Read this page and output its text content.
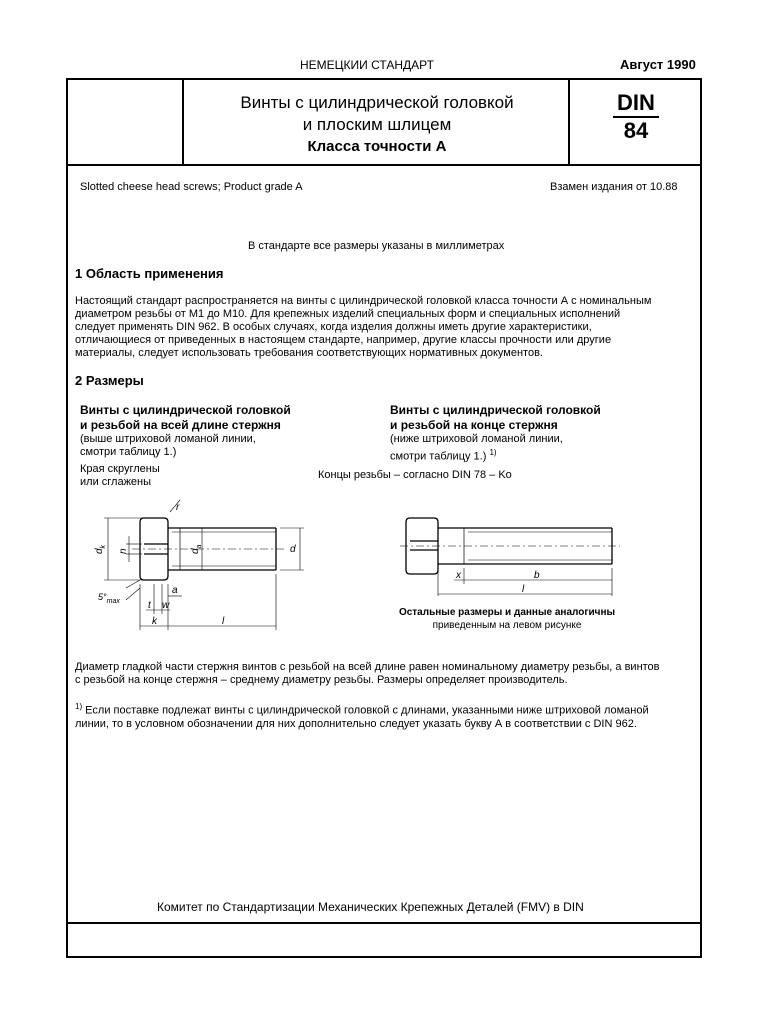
НЕМЕЦКИИ СТАНДАРТ	Август 1990
Винты с цилиндрической головкой
и плоским шлицем
Класса точности А
DIN
84
Slotted cheese head screws; Product grade A	Взамен издания от 10.88
В стандарте все размеры указаны в миллиметрах
1 Область применения
Настоящий стандарт распространяется на винты с цилиндрической головкой класса точности А с номинальным
диаметром резьбы от М1 до М10. Для крепежных изделий специальных форм и специальных исполнений
следует применять DIN 962. В особых случаях, когда изделия должны иметь другие характеристики,
отличающиеся от приведенных в настоящем стандарте, например, другие классы прочности или другие
материалы, следует использовать требования соответствующих нормативных документов.
2 Размеры
Винты с цилиндрической головкой
и резьбой на всей длине стержня
(выше штриховой ломаной линии,
смотри таблицу 1.)
Края скруглены
или сглажены
Винты с цилиндрической головкой
и резьбой на конце стержня
(ниже штриховой ломаной линии,
смотри таблицу 1.) $^{1)}$
Концы резьбы – согласно DIN 78 – Ko
$d_k$
n	$d_a$	d
r
$5^\circ_{max}$
a
t w
k	l
x	b
l
Остальные размеры и данные аналогичны
приведенным на левом рисунке
Диаметр гладкой части стержня винтов с резьбой на всей длине равен номинальному диаметру резьбы, а винтов
с резьбой на конце стержня – среднему диаметру резьбы. Размеры определяет производитель.
$^{1)}$ Если поставке подлежат винты с цилиндрической головкой с длинами, указанными ниже штриховой ломаной
линии, то в условном обозначении для них дополнительно следует указать букву А в соответствии с DIN 962.
Комитет по Стандартизации Механических Крепежных Деталей (FMV) в DIN
